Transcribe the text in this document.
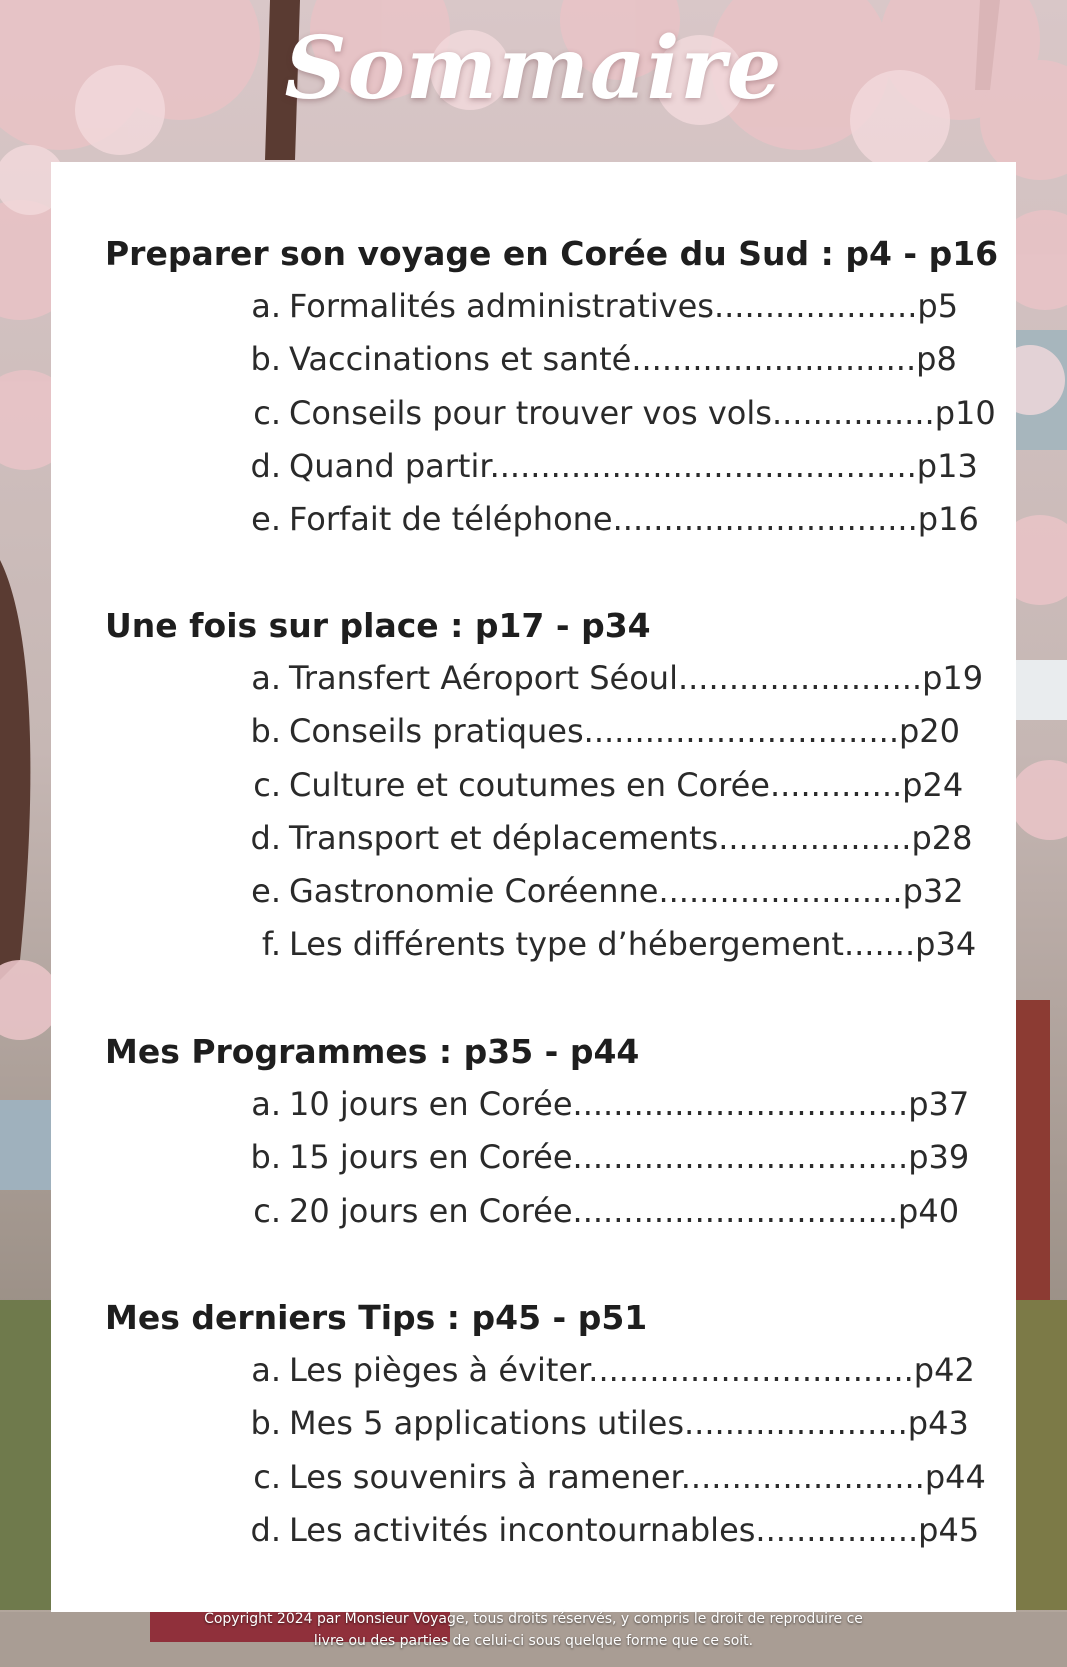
Sommaire
Preparer son voyage en Corée du Sud : p4 - p16
a. Formalités administratives....................p5
b. Vaccinations et santé............................p8
c. Conseils pour trouver vos vols................p10
d. Quand partir..........................................p13
e. Forfait de téléphone..............................p16
Une fois sur place : p17 - p34
a. Transfert Aéroport Séoul........................p19
b. Conseils pratiques...............................p20
c. Culture et coutumes en Corée.............p24
d. Transport et déplacements...................p28
e. Gastronomie Coréenne........................p32
f. Les différents type d’hébergement.......p34
Mes Programmes : p35 - p44
a. 10 jours en Corée.................................p37
b. 15 jours en Corée.................................p39
c. 20 jours en Corée................................p40
Mes derniers Tips : p45 - p51
a. Les pièges à éviter................................p42
b. Mes 5 applications utiles......................p43
c. Les souvenirs à ramener........................p44
d. Les activités incontournables................p45
Copyright 2024 par Monsieur Voyage, tous droits réservés, y compris le droit de reproduire ce
livre ou des parties de celui-ci sous quelque forme que ce soit.
